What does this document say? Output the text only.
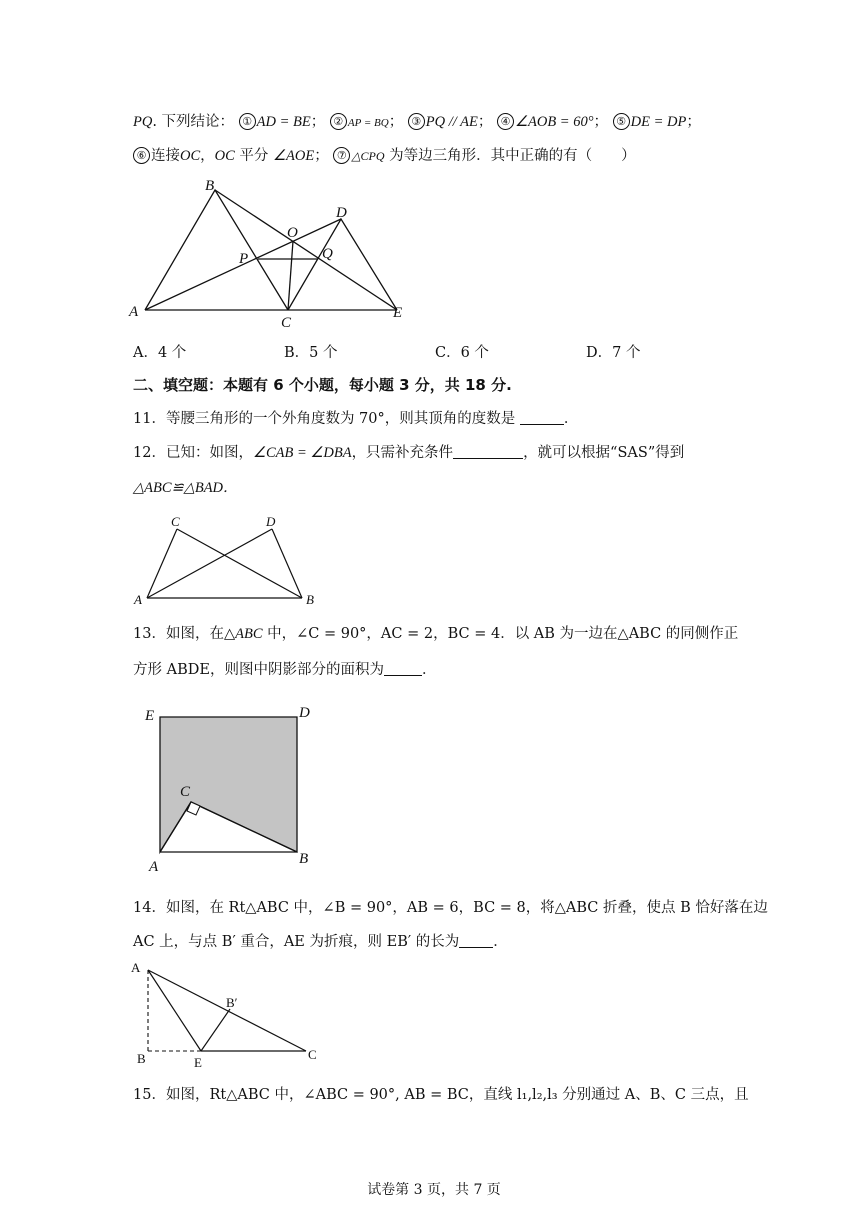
PQ. 下列结论： ① AD = BE； ② AP = BQ； ③ PQ // AE； ④ ∠AOB = 60°； ⑤ DE = DP；
⑥ 连接OC，OC 平分 ∠AOE； ⑦ △CPQ 为等边三角形．其中正确的有（　　）
A
B
C
D
E
O
P	Q
A．4 个	B．5 个	C．6 个	D．7 个
二、填空题：本题有 6 个小题，每小题 3 分，共 18 分.
11．等腰三角形的一个外角度数为 70°，则其顶角的度数是	．
12．已知：如图，∠CAB = ∠DBA，只需补充条件	，就可以根据“SAS”得到
△ABC≌△BAD．
A	B
C	D
13．如图，在△ABC 中，∠C = 90°，AC = 2，BC = 4．以 AB 为一边在△ABC 的同侧作正
方形 ABDE，则图中阴影部分的面积为	．
E	D
C
A	B
14．如图，在 Rt△ABC 中，∠B = 90°，AB = 6，BC = 8，将△ABC 折叠，使点 B 恰好落在边
AC 上，与点 B′ 重合，AE 为折痕，则 EB′ 的长为 ．
A
B	E
C
B′
15．如图，Rt△ABC 中，∠ABC = 90°, AB = BC，直线 l₁,l₂,l₃ 分别通过 A、B、C 三点，且
试卷第 3 页，共 7 页
